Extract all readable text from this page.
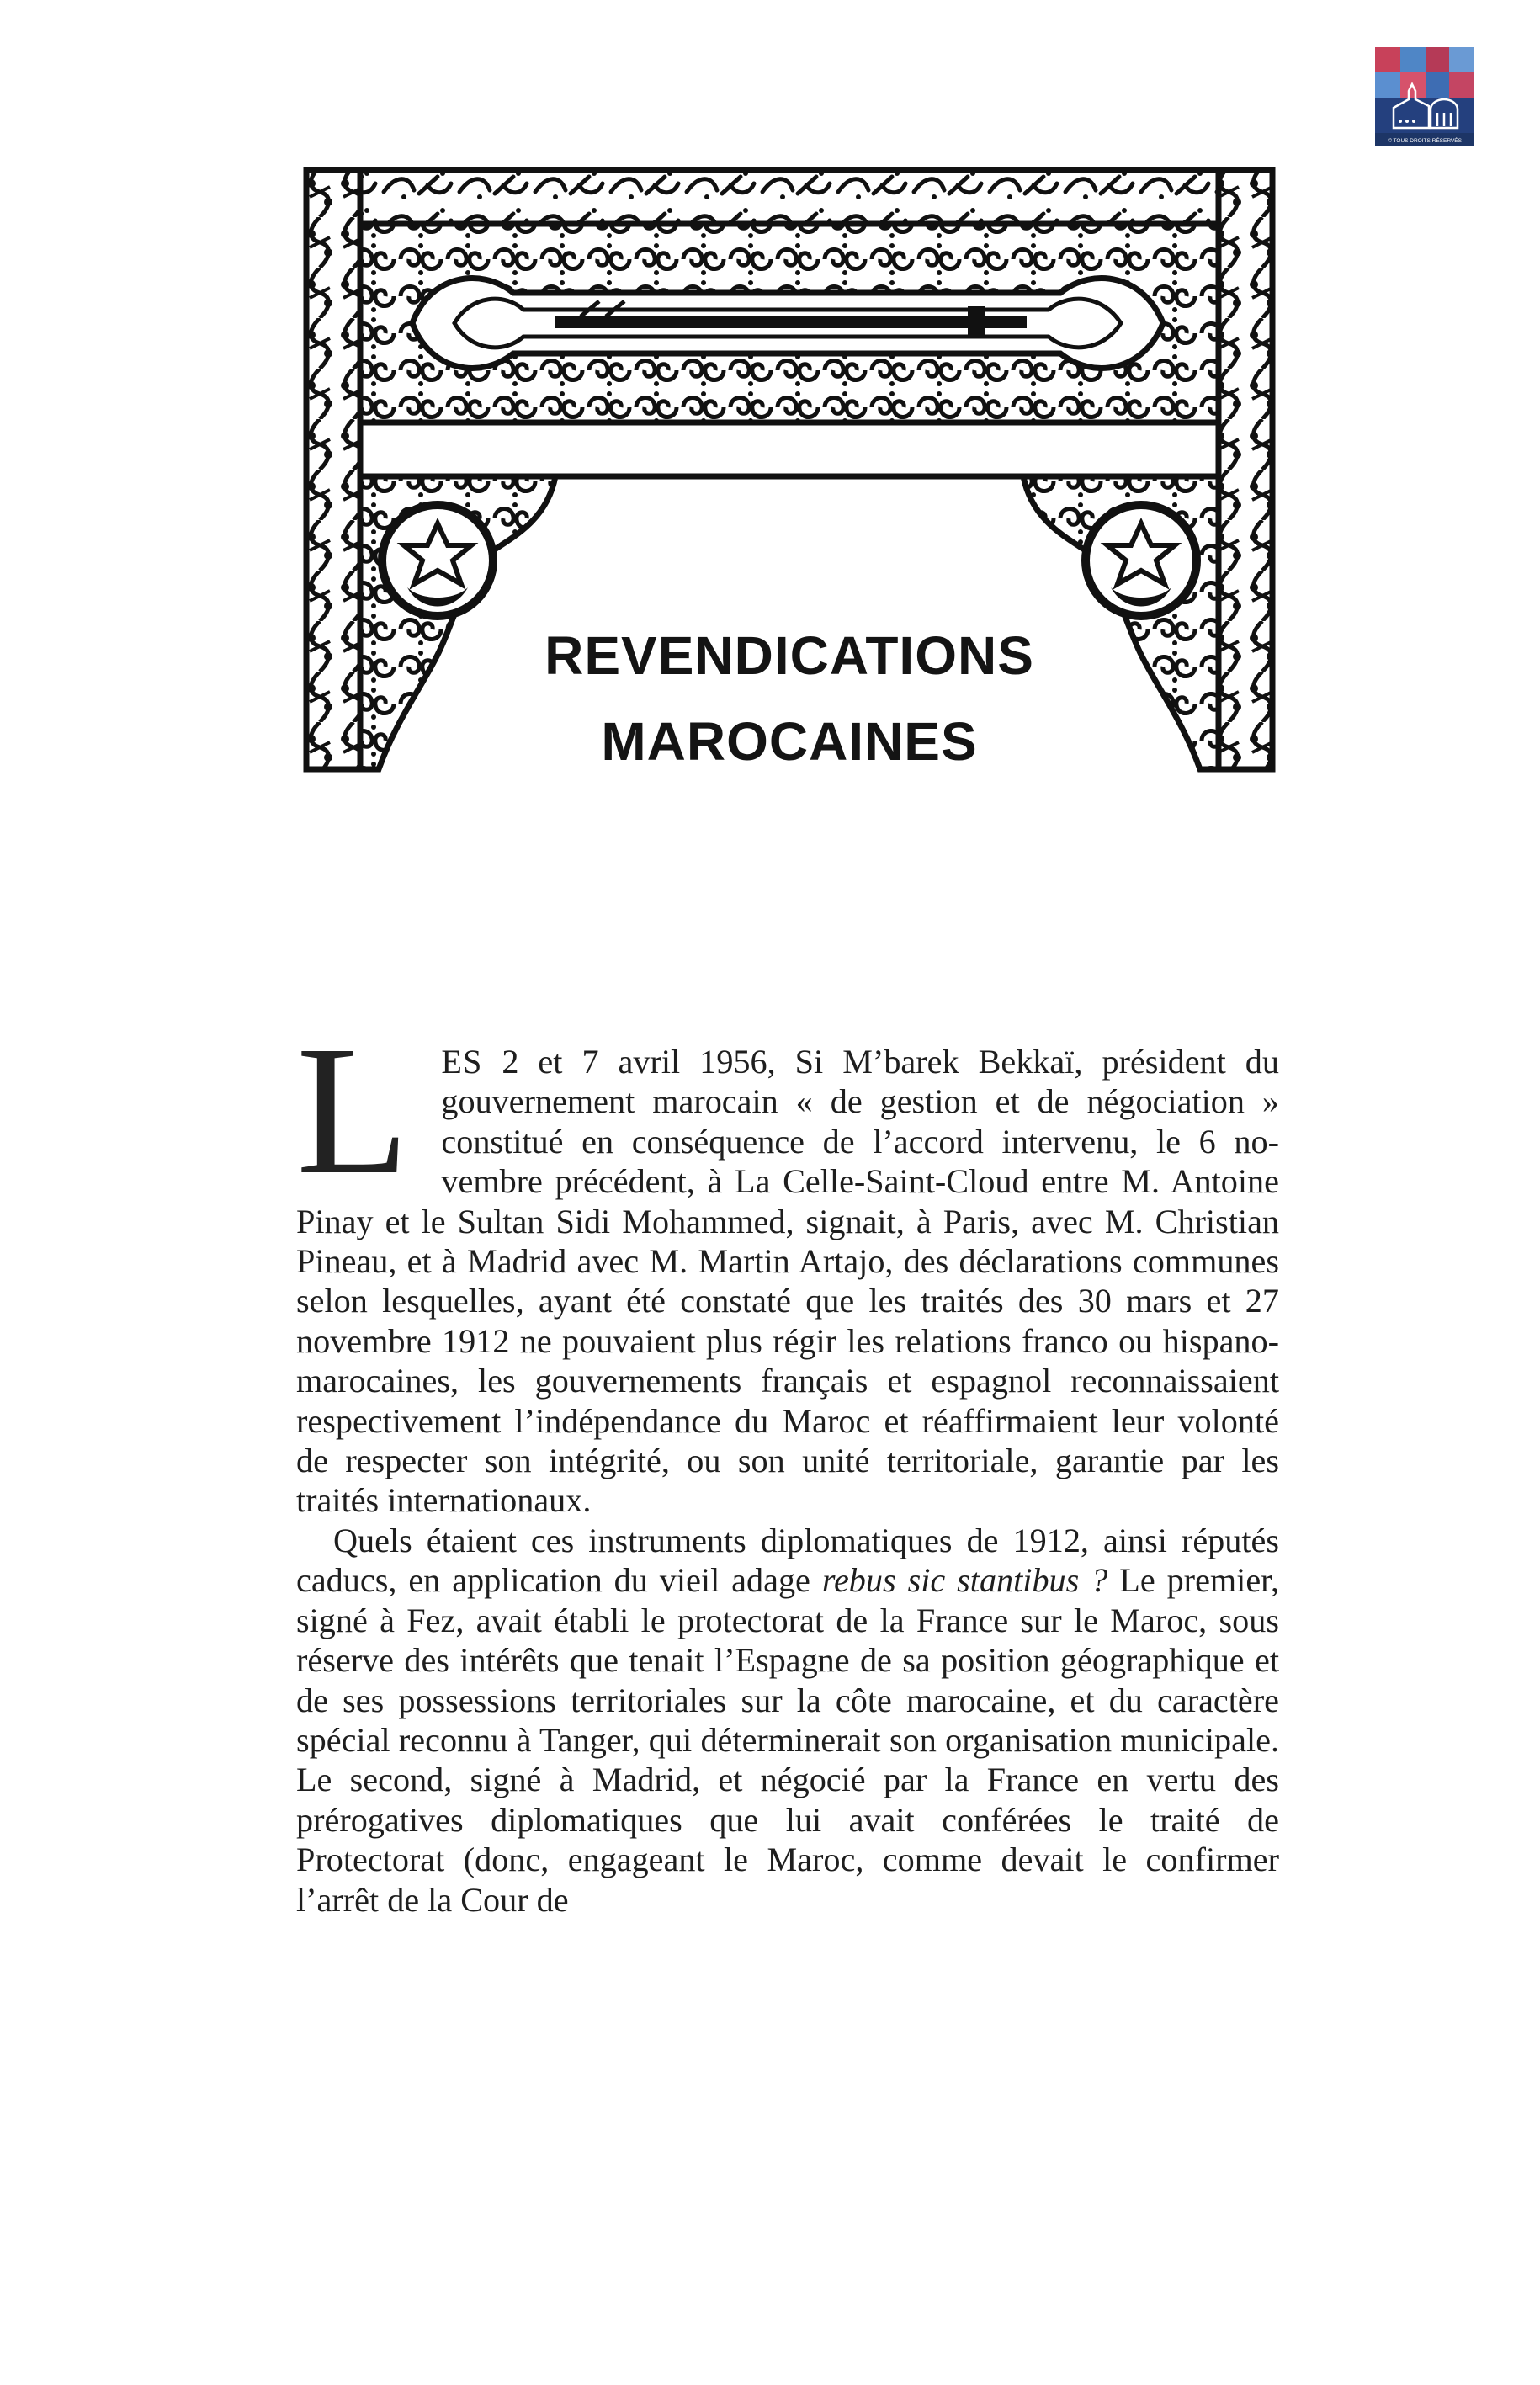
© TOUS DROITS RÉSERVÉS
REVENDICATIONS
MAROCAINES

LES 2 et 7 avril 1956, Si M’barek Bekkaï, président du gouvernement marocain « de gestion et de négociation » constitué en conséquence de l’accord intervenu, le 6 novembre précédent, à La Celle-Saint-Cloud entre M. Antoine Pinay et le Sultan Sidi Mohammed, signait, à Paris, avec M. Christian Pineau, et à Madrid avec M. Martin Artajo, des déclarations communes selon lesquelles, ayant été constaté que les traités des 30 mars et 27 novembre 1912 ne pouvaient plus régir les relations franco ou hispano-marocaines, les gouvernements français et espagnol reconnaissaient respectivement l’indépendance du Maroc et réaffirmaient leur volonté de respecter son intégrité, ou son unité territoriale, garantie par les traités internationaux.

Quels étaient ces instruments diplomatiques de 1912, ainsi réputés caducs, en application du vieil adage rebus sic stantibus ? Le premier, signé à Fez, avait établi le protectorat de la France sur le Maroc, sous réserve des intérêts que tenait l’Espagne de sa position géographique et de ses possessions territoriales sur la côte marocaine, et du caractère spécial reconnu à Tanger, qui déterminerait son organisation municipale. Le second, signé à Madrid, et négocié par la France en vertu des prérogatives diplomatiques que lui avait conférées le traité de Protectorat (donc, engageant le Maroc, comme devait le confirmer l’arrêt de la Cour de
